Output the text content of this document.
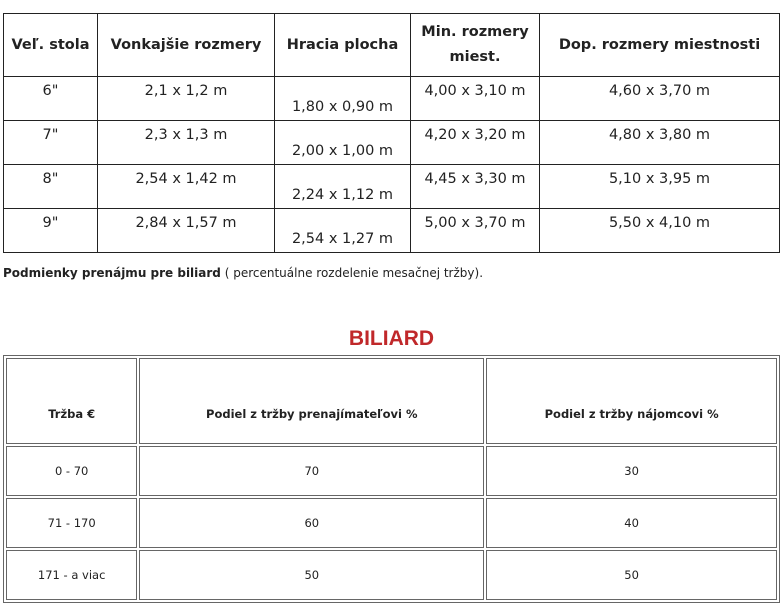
Veľ. stola	Vonkajšie rozmery	Hracia plocha	Min. rozmery miest.	Dop. rozmery miestnosti
6"	2,1 x 1,2 m	1,80 x 0,90 m	4,00 x 3,10 m	4,60 x 3,70 m
7"	2,3 x 1,3 m	2,00 x 1,00 m	4,20 x 3,20 m	4,80 x 3,80 m
8"	2,54 x 1,42 m	2,24 x 1,12 m	4,45 x 3,30 m	5,10 x 3,95 m
9"	2,84 x 1,57 m	2,54 x 1,27 m	5,00 x 3,70 m	5,50 x 4,10 m
Podmienky prenájmu pre biliard ( percentuálne rozdelenie mesačnej tržby).
BILIARD
Tržba €	Podiel z tržby prenajímateľovi %	Podiel z tržby nájomcovi %
0 - 70	70	30
71 - 170	60	40
171 - a viac	50	50
